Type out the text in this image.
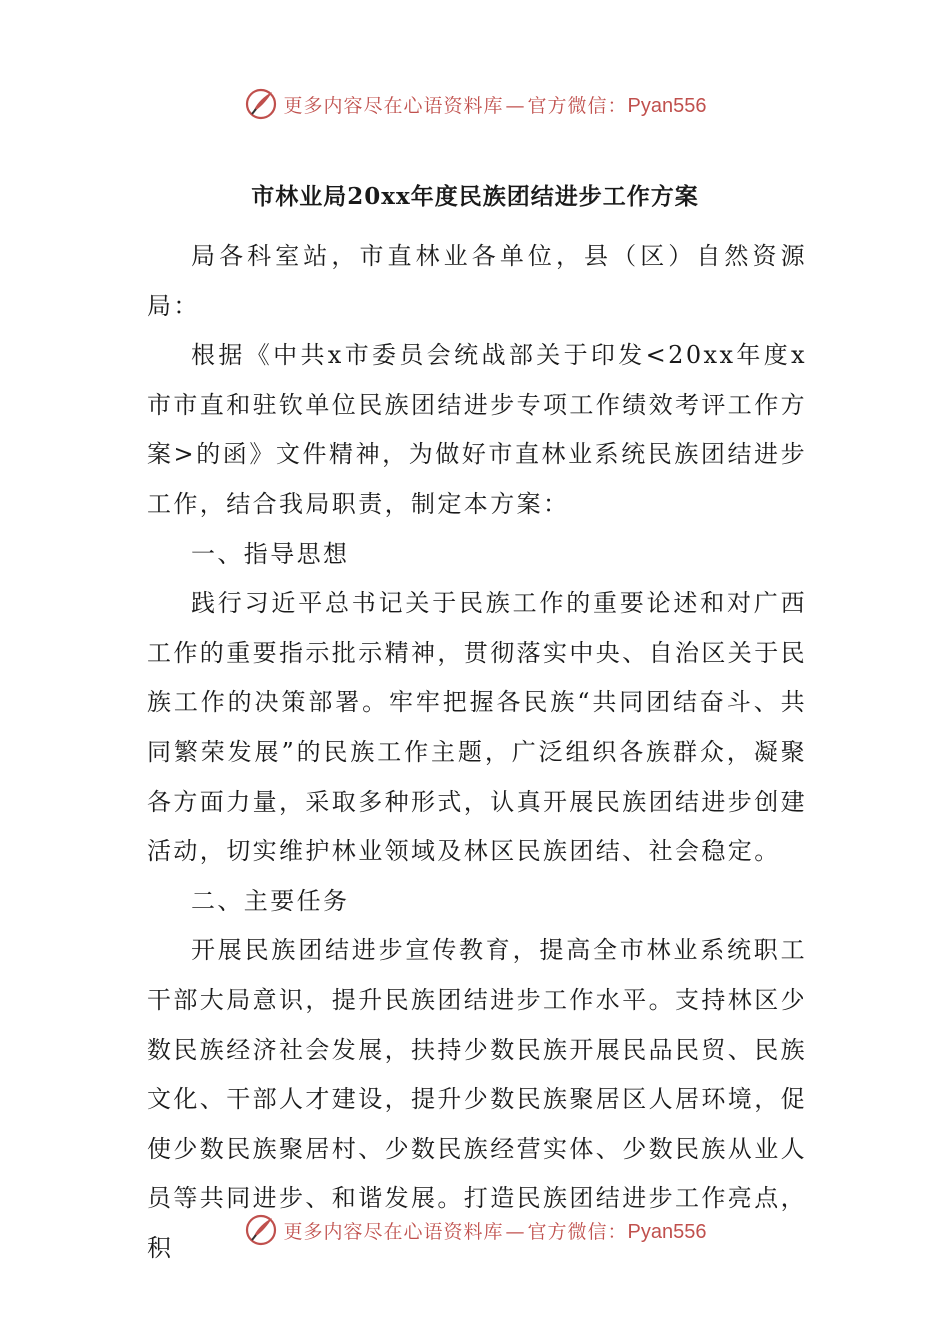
更多内容尽在心语资料库 — 官方微信：Pyan556
市林业局20xx年度民族团结进步工作方案

局各科室站，市直林业各单位，县（区）自然资源局：

根据《中共x市委员会统战部关于印发<20xx年度x市市直和驻钦单位民族团结进步专项工作绩效考评工作方案>的函》文件精神，为做好市直林业系统民族团结进步工作，结合我局职责，制定本方案：

一、指导思想

践行习近平总书记关于民族工作的重要论述和对广西工作的重要指示批示精神，贯彻落实中央、自治区关于民族工作的决策部署。牢牢把握各民族“共同团结奋斗、共同繁荣发展”的民族工作主题，广泛组织各族群众，凝聚各方面力量，采取多种形式，认真开展民族团结进步创建活动，切实维护林业领域及林区民族团结、社会稳定。

二、主要任务

开展民族团结进步宣传教育，提高全市林业系统职工干部大局意识，提升民族团结进步工作水平。支持林区少数民族经济社会发展，扶持少数民族开展民品民贸、民族文化、干部人才建设，提升少数民族聚居区人居环境，促使少数民族聚居村、少数民族经营实体、少数民族从业人员等共同进步、和谐发展。打造民族团结进步工作亮点，积

更多内容尽在心语资料库 — 官方微信：Pyan556
